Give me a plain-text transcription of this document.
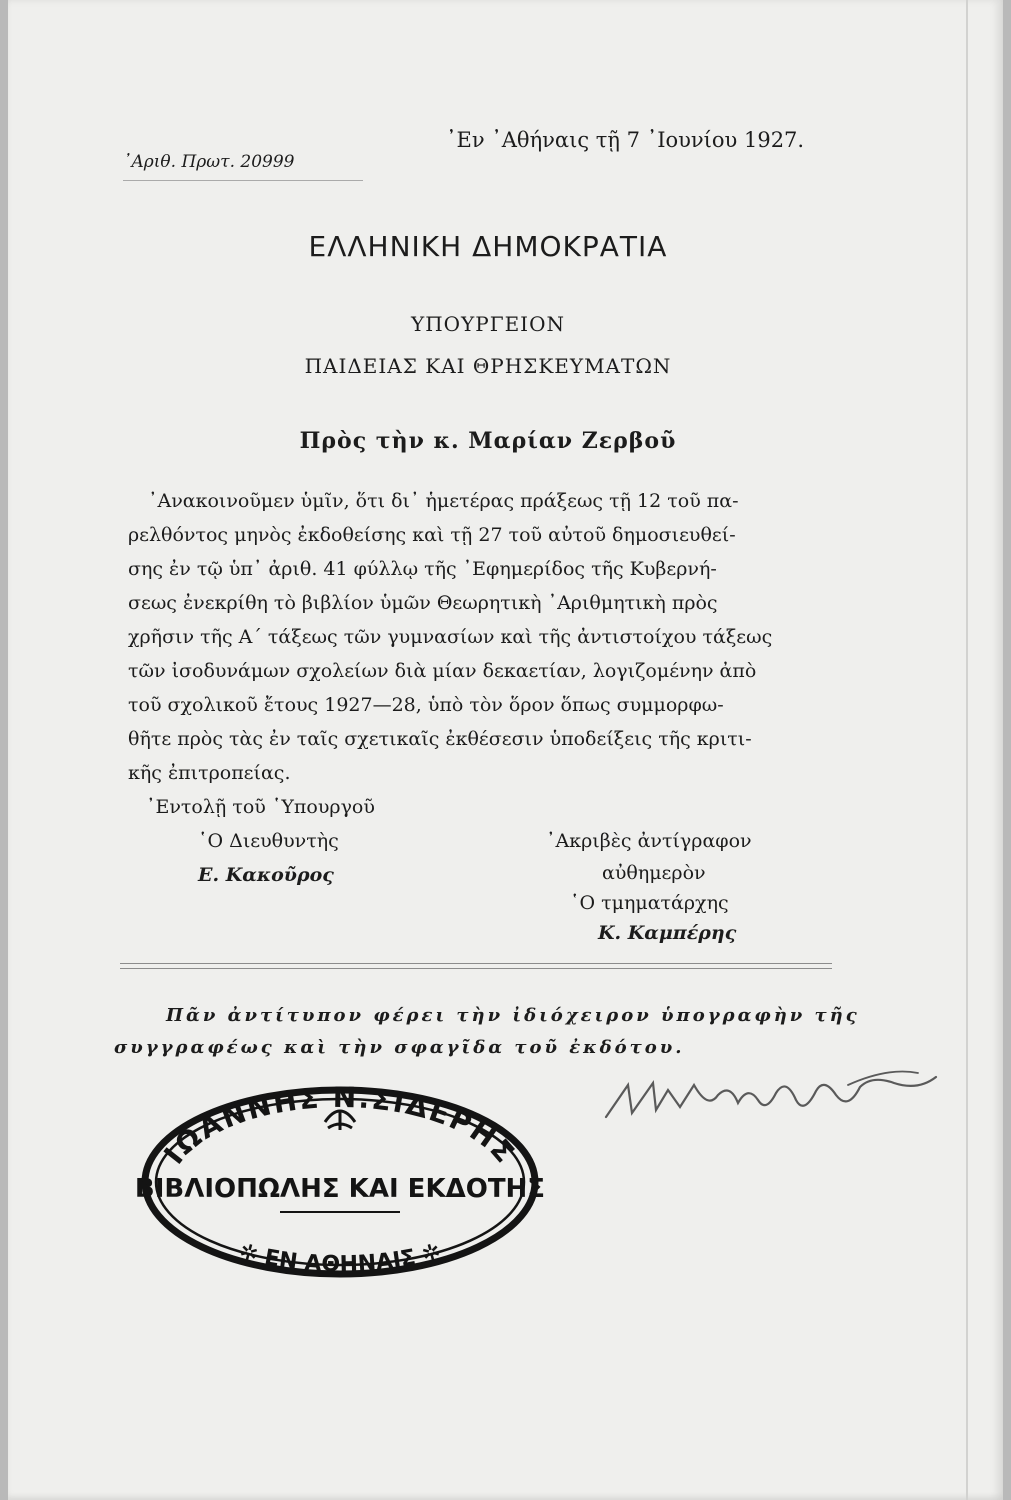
᾿Αριθ. Πρωτ. 20999
᾿Εν ᾿Αθήναις τῇ 7 ᾿Ιουνίου 1927.
ΕΛΛΗΝΙΚΗ ΔΗΜΟΚΡΑΤΙΑ
ΥΠΟΥΡΓΕΙΟΝ
ΠΑΙΔΕΙΑΣ ΚΑΙ ΘΡΗΣΚΕΥΜΑΤΩΝ
Πρὸς τὴν κ. Μαρίαν Ζερβοῦ
᾿Ανακοινοῦμεν ὑμῖν, ὅτι δι᾿ ἡμετέρας πράξεως τῇ 12 τοῦ πα-
ρελθόντος μηνὸς ἐκδοθείσης καὶ τῇ 27 τοῦ αὐτοῦ δημοσιευθεί-
σης ἐν τῷ ὑπ᾿ ἀριθ. 41 φύλλῳ τῆς ᾿Εφημερίδος τῆς Κυβερνή-
σεως ἐνεκρίθη τὸ βιβλίον ὑμῶν Θεωρητικὴ ᾿Αριθμητικὴ πρὸς
χρῆσιν τῆς Α΄ τάξεως τῶν γυμνασίων καὶ τῆς ἀντιστοίχου τάξεως
τῶν ἰσοδυνάμων σχολείων διὰ μίαν δεκαετίαν, λογιζομένην ἀπὸ
τοῦ σχολικοῦ ἔτους 1927—28, ὑπὸ τὸν ὅρον ὅπως συμμορφω-
θῆτε πρὸς τὰς ἐν ταῖς σχετικαῖς ἐκθέσεσιν ὑποδείξεις τῆς κριτι-
κῆς ἐπιτροπείας.
᾿Εντολῇ τοῦ ῾Υπουργοῦ
῾Ο Διευθυντὴς
Ε. Κακοῦρος
᾿Ακριβὲς ἀντίγραφον
αὐθημερὸν
῾Ο τμηματάρχης
Κ. Καμπέρης
Πᾶν ἀντίτυπον φέρει τὴν ἰδιόχειρον ὑπογραφὴν τῆς
συγγραφέως καὶ τὴν σφαγῖδα τοῦ ἐκδότου.
ΙΩΑΝΝΗΣ Ν.ΣΙΔΕΡΗΣ
ΒΙΒΛΙΟΠΩΛΗΣ ΚΑΙ ΕΚΔΟΤΗΣ
✲ ΕΝ ΑΘΗΝΑΙΣ ✲
